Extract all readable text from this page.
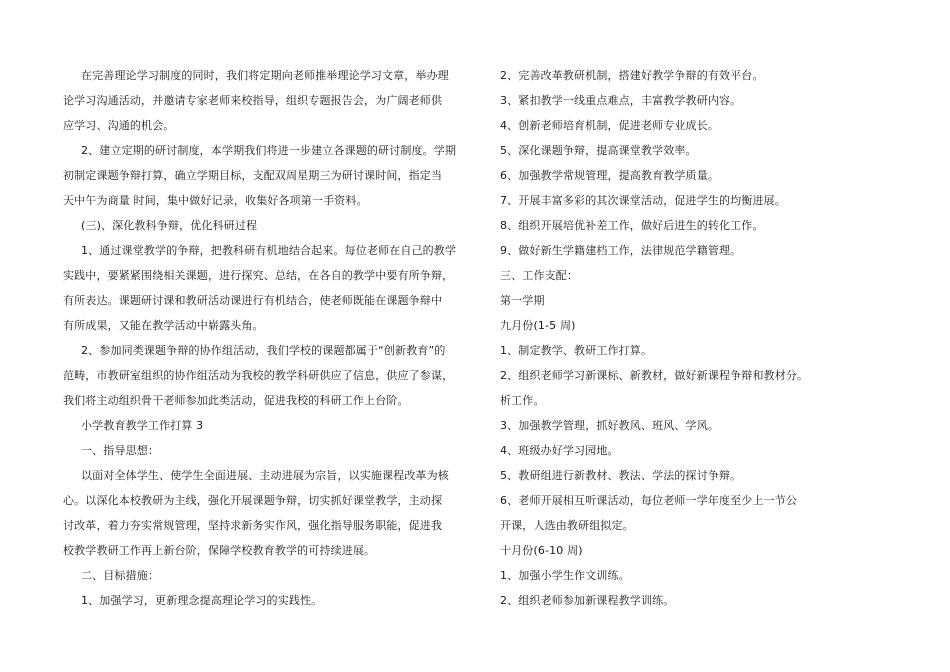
在完善理论学习制度的同时，我们将定期向老师推举理论学习文章，举办理

论学习沟通活动，并邀请专家老师来校指导，组织专题报告会，为广阔老师供

应学习、沟通的机会。

2、建立定期的研讨制度，本学期我们将进一步建立各课题的研讨制度。学期

初制定课题争辩打算，确立学期目标，支配双周星期三为研讨课时间，指定当

天中午为商量 时间，集中做好记录，收集好各项第一手资料。

(三)、深化教科争辩，优化科研过程

1、通过课堂教学的争辩，把教科研有机地结合起来。每位老师在自己的教学

实践中，要紧紧围绕相关课题，进行探究、总结，在各自的教学中要有所争辩，

有所表达。课题研讨课和教研活动课进行有机结合，使老师既能在课题争辩中

有所成果，又能在教学活动中崭露头角。

2、参加同类课题争辩的协作组活动，我们学校的课题都属于“创新教育”的

范畴，市教研室组织的协作组活动为我校的教学科研供应了信息，供应了参谋，

我们将主动组织骨干老师参加此类活动，促进我校的科研工作上台阶。

小学教育教学工作打算 3

一、指导思想：

以面对全体学生、使学生全面进展、主动进展为宗旨，以实施课程改革为核

心。以深化本校教研为主线，强化开展课题争辩，切实抓好课堂教学，主动探

讨改革，着力夯实常规管理，坚持求新务实作风，强化指导服务职能，促进我

校教学教研工作再上新台阶，保障学校教育教学的可持续进展。

二、目标措施：

1、加强学习，更新理念提高理论学习的实践性。

2、完善改革教研机制，搭建好教学争辩的有效平台。

3、紧扣教学一线重点难点，丰富教学教研内容。

4、创新老师培育机制，促进老师专业成长。

5、深化课题争辩，提高课堂教学效率。

6、加强教学常规管理，提高教育教学质量。

7、开展丰富多彩的其次课堂活动，促进学生的均衡进展。

8、组织开展培优补差工作，做好后进生的转化工作。

9、做好新生学籍建档工作，法律规范学籍管理。

三、工作支配：

第一学期

九月份(1-5 周)

1、制定教学、教研工作打算。

2、组织老师学习新课标、新教材，做好新课程争辩和教材分。

析工作。

3、加强教学管理，抓好教风、班风、学风。

4、班级办好学习园地。

5、教研组进行新教材、教法、学法的探讨争辩。

6、老师开展相互听课活动，每位老师一学年度至少上一节公

开课，人选由教研组拟定。

十月份(6-10 周)

1、加强小学生作文训练。

2、组织老师参加新课程教学训练。
